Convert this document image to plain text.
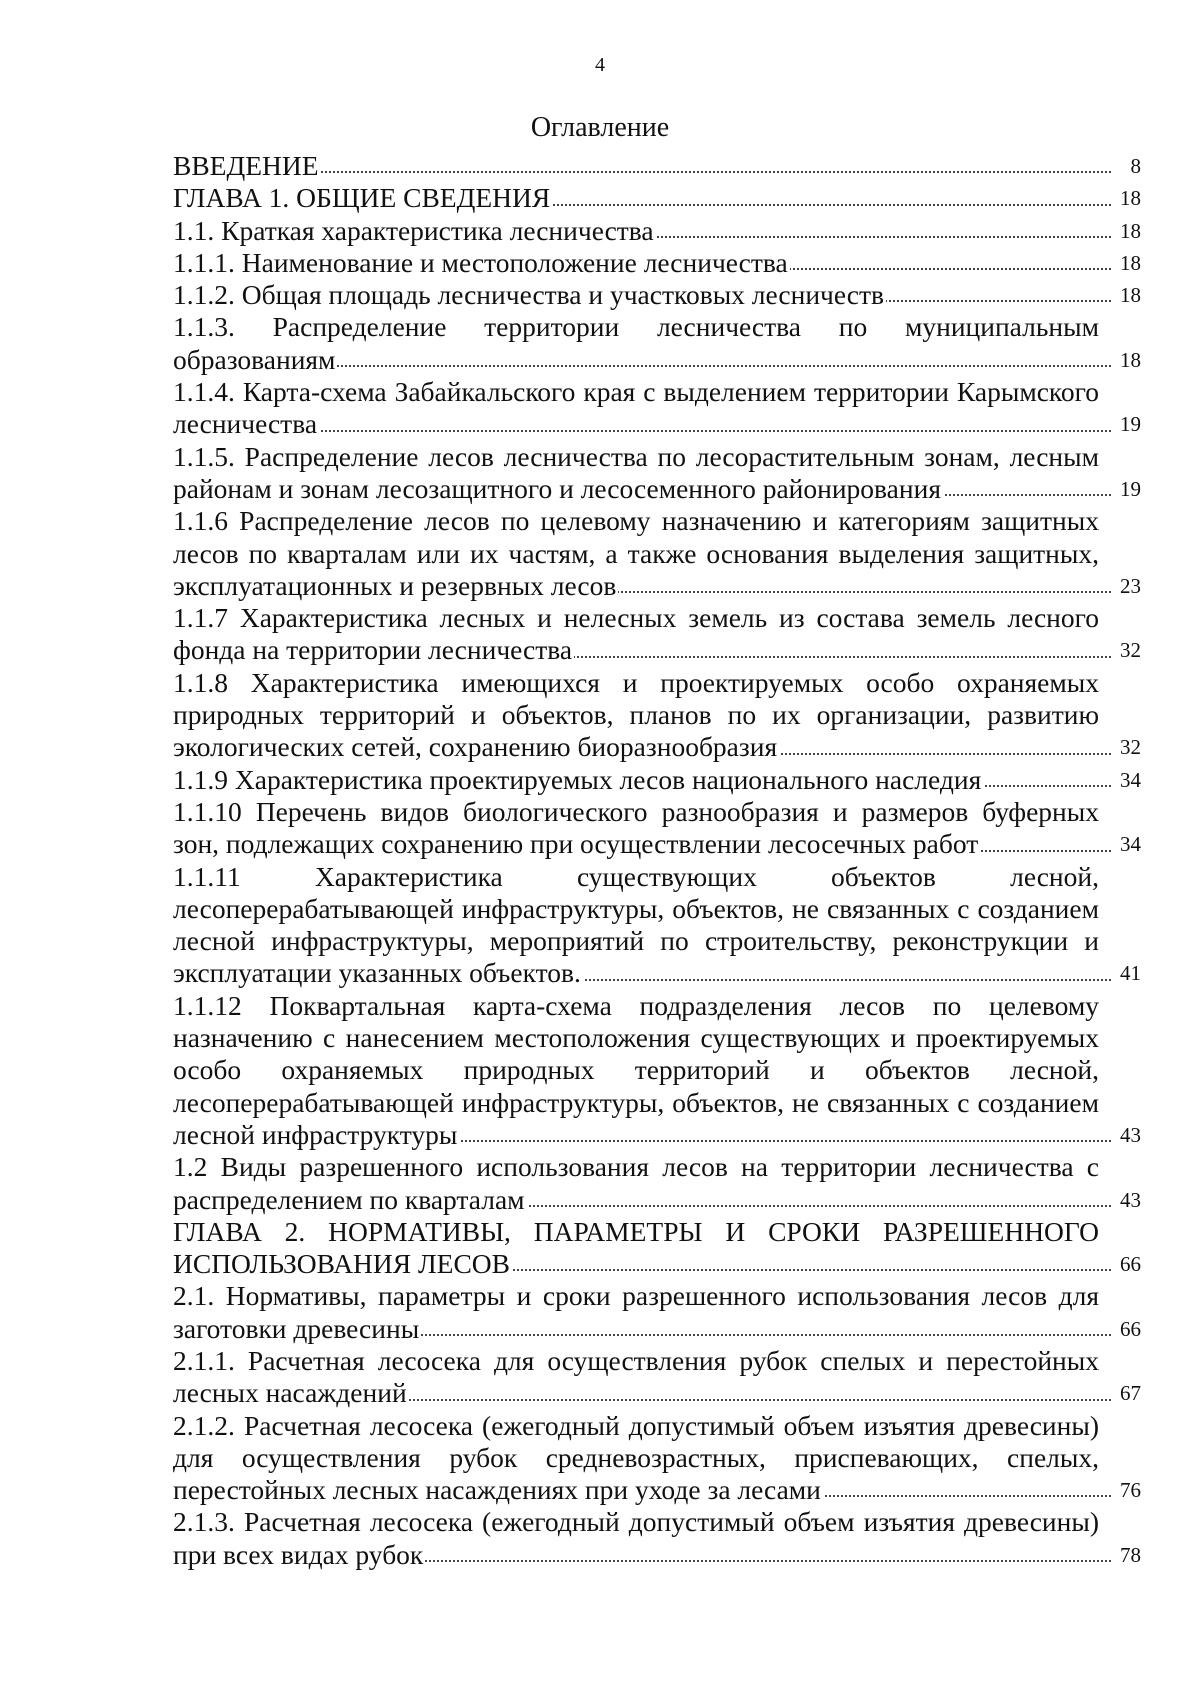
4
Оглавление
ВВЕДЕНИЕ	8
ГЛАВА 1. ОБЩИЕ СВЕДЕНИЯ	18
1.1. Краткая характеристика лесничества	18
1.1.1. Наименование и местоположение лесничества	18
1.1.2. Общая площадь лесничества и участковых лесничеств	18
1.1.3. Распределение территории лесничества по муниципальным образованиям	18
1.1.4. Карта-схема Забайкальского края с выделением территории Карымского лесничества	19
1.1.5. Распределение лесов лесничества по лесорастительным зонам, лесным районам и зонам лесозащитного и лесосеменного районирования	19
1.1.6 Распределение лесов по целевому назначению и категориям защитных лесов по кварталам или их частям, а также основания выделения защитных, эксплуатационных и резервных лесов	23
1.1.7 Характеристика лесных и нелесных земель из состава земель лесного фонда на территории лесничества	32
1.1.8 Характеристика имеющихся и проектируемых особо охраняемых природных территорий и объектов, планов по их организации, развитию экологических сетей, сохранению биоразнообразия	32
1.1.9 Характеристика проектируемых лесов национального наследия	34
1.1.10 Перечень видов биологического разнообразия и размеров буферных зон, подлежащих сохранению при осуществлении лесосечных работ	34
1.1.11 Характеристика существующих объектов лесной, лесоперерабатывающей инфраструктуры, объектов, не связанных с созданием лесной инфраструктуры, мероприятий по строительству, реконструкции и эксплуатации указанных объектов.	41
1.1.12 Поквартальная карта-схема подразделения лесов по целевому назначению с нанесением местоположения существующих и проектируемых особо охраняемых природных территорий и объектов лесной, лесоперерабатывающей инфраструктуры, объектов, не связанных с созданием лесной инфраструктуры	43
1.2 Виды разрешенного использования лесов на территории лесничества с распределением по кварталам	43
ГЛАВА 2. НОРМАТИВЫ, ПАРАМЕТРЫ И СРОКИ РАЗРЕШЕННОГО ИСПОЛЬЗОВАНИЯ ЛЕСОВ	66
2.1. Нормативы, параметры и сроки разрешенного использования лесов для заготовки древесины	66
2.1.1. Расчетная лесосека для осуществления рубок спелых и перестойных лесных насаждений	67
2.1.2. Расчетная лесосека (ежегодный допустимый объем изъятия древесины) для осуществления рубок средневозрастных, приспевающих, спелых, перестойных лесных насаждениях при уходе за лесами	76
2.1.3. Расчетная лесосека (ежегодный допустимый объем изъятия древесины) при всех видах рубок	78
